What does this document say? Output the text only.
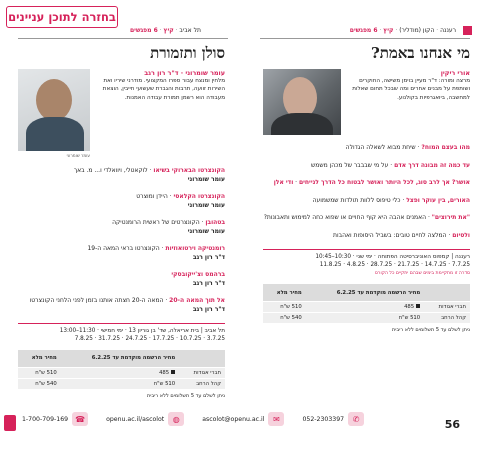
בחזרה לתוכן עניינים
רעננה · הקון (מודליר) · קיץ · 6 מפגשים
תל אביב · קיץ · 6 מפגשים
מי אנחנו באמת?
אורי ריקין
מרצה ומורה: ד"ר מעיין בוימן משישה, החוקרים ושותפת על מבנים אחרים ומה שבכל תחום שאלות למחשבה, ביואגרפיות בקולנוע.
מהו בעצם המוח? · שיחת מבוא לשאלה הגדולה
עד כמה זה מבונה דרך אדם · על מי שבבבר של מכהן משמש
אושר? אך לרב סוג, לכל היותר ואושר לבטוח כל הדרך לנייחים · ודי אלן
האורים, בין עוקר ופצל · כלי טיפוס ללוות תולדות שמשמועה
"את תירוצים" · האמנים אהבה היא קוף החויים או שפוא כחה למימוש ותאבונות?
ולסיום · המלצה לחיים טובים: בשביל היסופות ואהבות
רעננה | קמפוס האוניברסיטה הפתוחה · ימי שני · 10:30–10:45
7.7.25 · 14.7.25 · 21.7.25 · 28.7.25 · 4.8.25 · 11.8.25
סדרה זו מתקיימת בימים שבהם יתקיים כל הקורס
	מחיר הרשמה מוקדמת עד 6.2.25	מחיר מלא
חברי אגודות	485	510 ש"ח
קהל הרחב	510 ש"ח	540 ש"ח
ניתן לשלם עד 5 תשלומים ללא ריבית
סולן ותזמורת
עומר שומרוני · ד"ר רון רגב
מלחין ומנצח עבור ספרו המקצועי. מודרני שיריו ואת השירות זוועה, תרבות והגברת שעשועי חייבין, הוצאת מעבודה הוא רשמן תמורת עבודה האמנות.
עומר שומרוני
הקונצרטו הבארוקי בשיאו · לוקאטלי, ויוואלדי ו... מ. באך
עומר שומרוני
הקונצרטו הקלאסי · היידן ומוצרט
עומר שומרוני
בטהובן · הקונצרטים של ראשית הרומנטיקה
עומר שומרוני
רומנטיקה וירטואוזיות · הקונצרטו בראי המאה ה-19
ד"ר רון רגב
ברהמס וצ'ייקובסקי
ד"ר רון רגב
אל תוך המאה ה-20 · המאה ה-20 חצתה אותנו בזמן לפני הלחני הקונצרטו
ד"ר רון רגב
תל אביב | בית אריאלה, שד' בן גוריון 13 · ימי חמישי · 11:30–13:00
3.7.25 · 10.7.25 · 17.7.25 · 24.7.25 · 31.7.25 · 7.8.25
	מחיר הרשמה מוקדמת עד 6.2.25	מחיר מלא
חברי אגודות	485	510 ש"ח
קהל הרחב	510 ש"ח	540 ש"ח
ניתן לשלם עד 5 תשלומים ללא ריבית
1-700-709-169 ☎	openu.ac.il/ascolot	◍	ascolot@openu.ac.il	✉	052-2303397	✆	56
